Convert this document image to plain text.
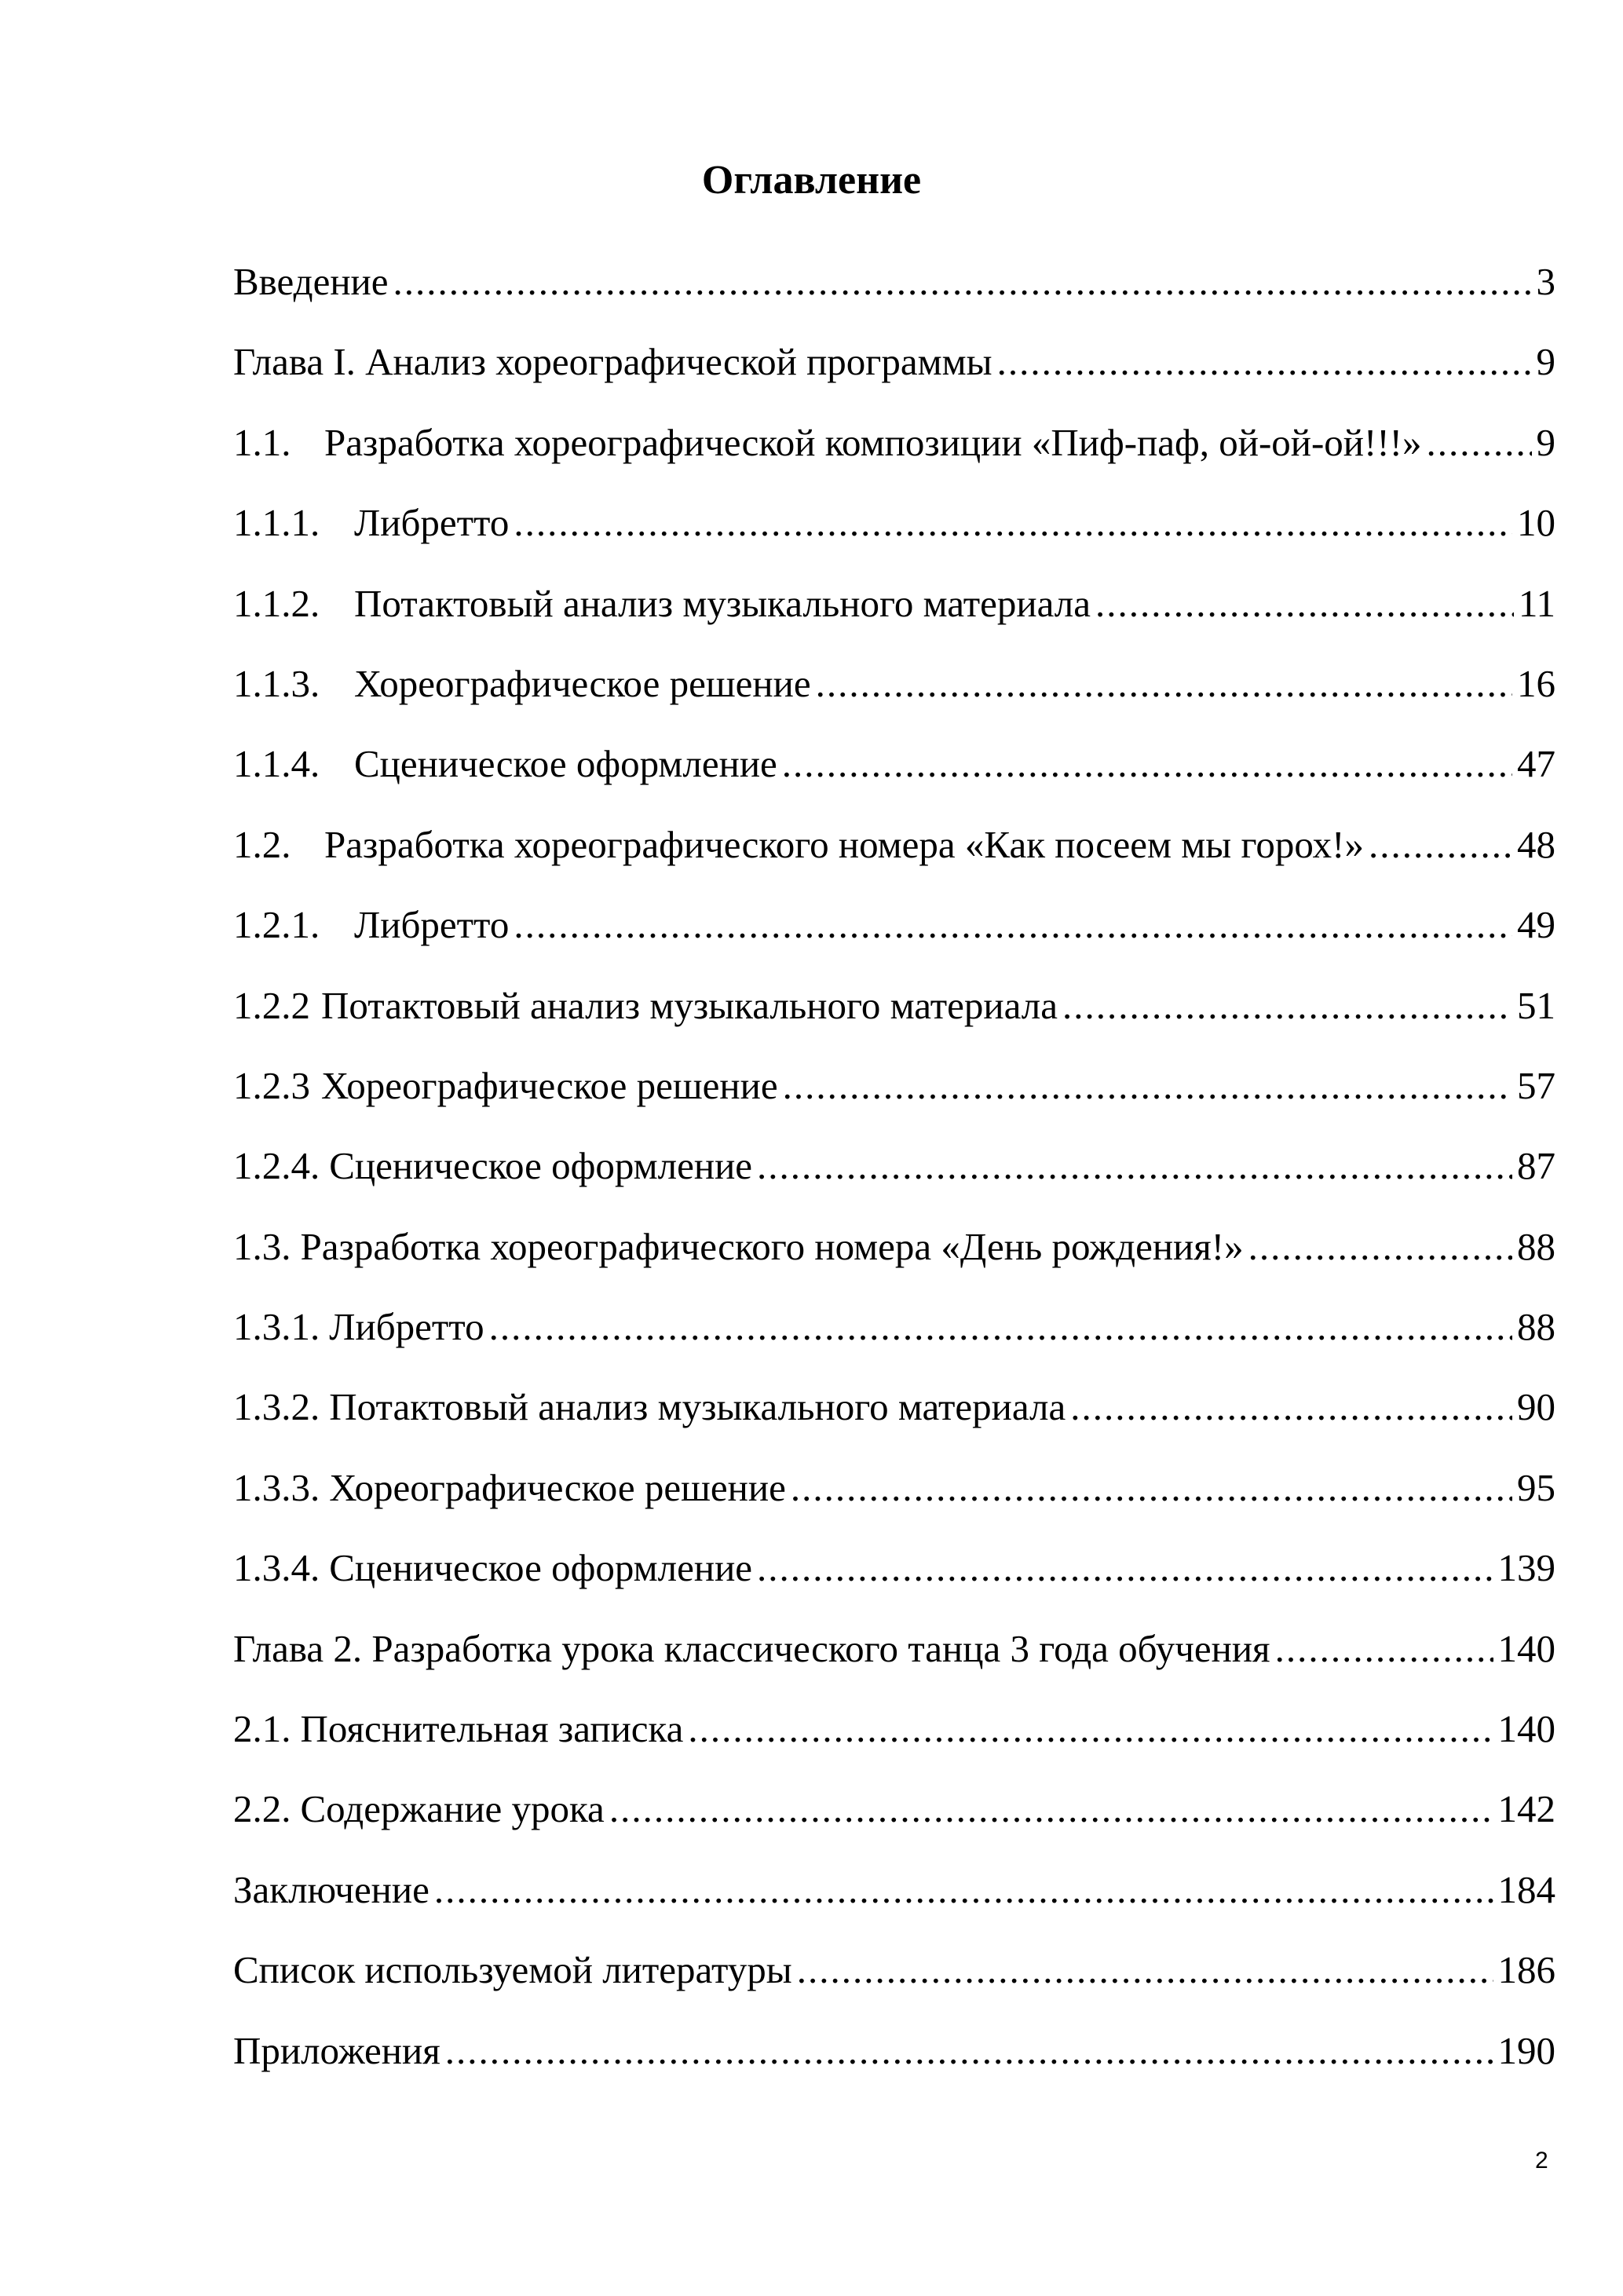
Оглавление
Введение .....	3
Глава I. Анализ хореографической программы .....	9
1.1. Разработка хореографической композиции «Пиф-паф, ой-ой-ой!!!» .....	9
1.1.1. Либретто .....	10
1.1.2. Потактовый анализ музыкального материала .....	11
1.1.3. Хореографическое решение .....	16
1.1.4. Сценическое оформление .....	47
1.2. Разработка хореографического номера «Как посеем мы горох!» .....	48
1.2.1. Либретто .....	49
1.2.2 Потактовый анализ музыкального материала .....	51
1.2.3 Хореографическое решение .....	57
1.2.4. Сценическое оформление .....	87
1.3. Разработка хореографического номера «День рождения!» .....	88
1.3.1. Либретто .....	88
1.3.2. Потактовый анализ музыкального материала .....	90
1.3.3. Хореографическое решение .....	95
1.3.4. Сценическое оформление .....	139
Глава 2. Разработка урока классического танца 3 года обучения .....	140
2.1. Пояснительная записка .....	140
2.2. Содержание урока .....	142
Заключение .....	184
Список используемой литературы .....	186
Приложения .....	190
2
